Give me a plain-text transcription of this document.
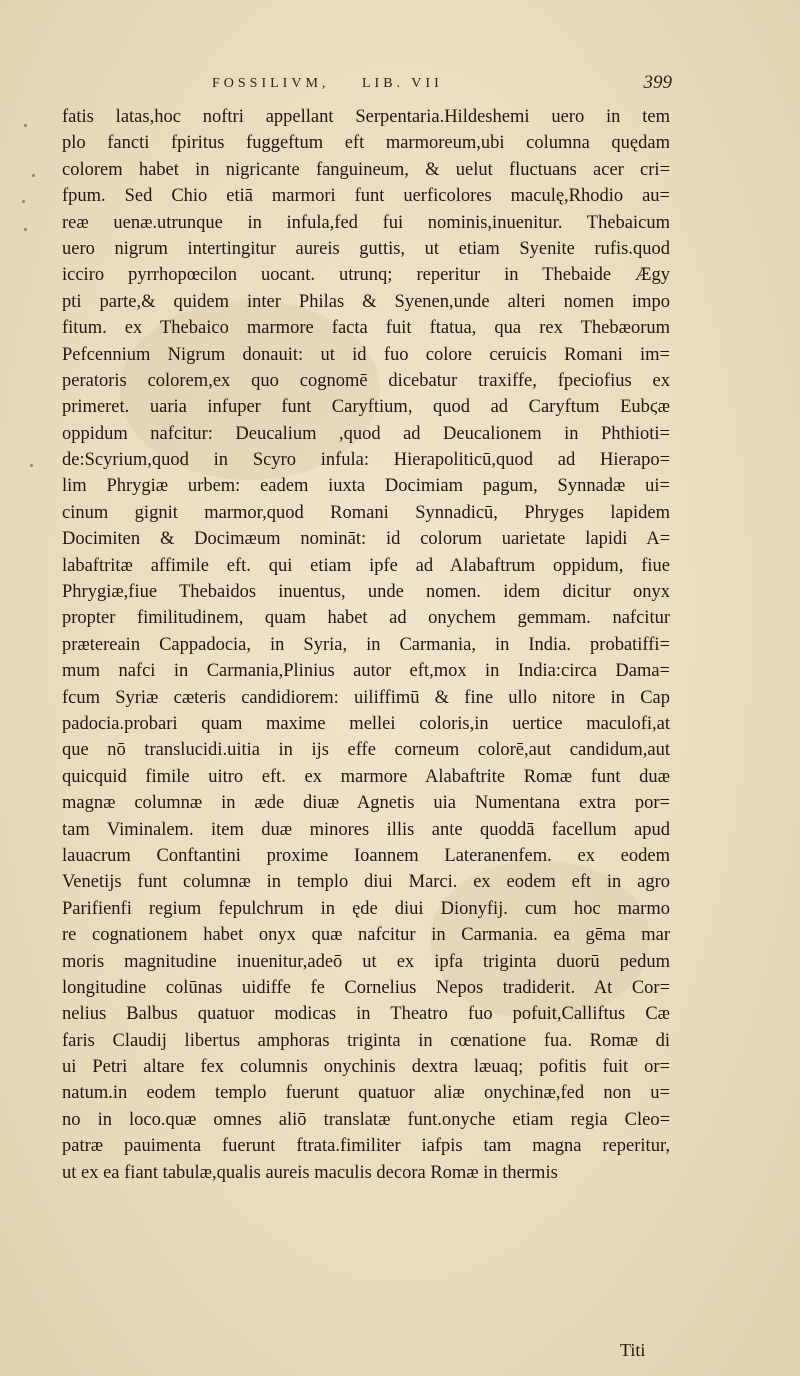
FOSSILIVM, LIB. VII	399
fatis latas,hoc noftri appellant Serpentaria.Hildeshemi uero in tem
plo fancti fpiritus fuggeftum eft marmoreum,ubi columna quędam
colorem habet in nigricante fanguineum, & uelut fluctuans acer cri=
fpum. Sed Chio etiā marmori funt uerficolores maculę,Rhodio au=
reæ uenæ.utrunque in infula,fed fui nominis,inuenitur. Thebaicum
uero nigrum intertingitur aureis guttis, ut etiam Syenite rufis.quod
icciro pyrrhopœcilon uocant. utrunq; reperitur in Thebaide Ægy
pti parte,& quidem inter Philas & Syenen,unde alteri nomen impo
fitum. ex Thebaico marmore facta fuit ftatua, qua rex Thebæorum
Pefcennium Nigrum donauit: ut id fuo colore ceruicis Romani im=
peratoris colorem,ex quo cognomē dicebatur traxiffe, fpeciofius ex
primeret. uaria infuper funt Caryftium, quod ad Caryftum Eubϛæ
oppidum nafcitur: Deucalium ,quod ad Deucalionem in Phthioti=
de:Scyrium,quod in Scyro infula: Hierapoliticū,quod ad Hierapo=
lim Phrygiæ urbem: eadem iuxta Docimiam pagum, Synnadæ ui=
cinum gignit marmor,quod Romani Synnadicū, Phryges lapidem
Docimiten & Docimæum nomināt: id colorum uarietate lapidi A=
labaftritæ affimile eft. qui etiam ipfe ad Alabaftrum oppidum, fiue
Phrygiæ,fiue Thebaidos inuentus, unde nomen. idem dicitur onyx
propter fimilitudinem, quam habet ad onychem gemmam. nafcitur
prætereain Cappadocia, in Syria, in Carmania, in India. probatiffi=
mum nafci in Carmania,Plinius autor eft,mox in India:circa Dama=
fcum Syriæ cæteris candidiorem: uiliffimū & fine ullo nitore in Cap
padocia.probari quam maxime mellei coloris,in uertice maculofi,at
que nō translucidi.uitia in ijs effe corneum colorē,aut candidum,aut
quicquid fimile uitro eft. ex marmore Alabaftrite Romæ funt duæ
magnæ columnæ in æde diuæ Agnetis uia Numentana extra por=
tam Viminalem. item duæ minores illis ante quoddā facellum apud
lauacrum Conftantini proxime Ioannem Lateranenfem. ex eodem
Venetijs funt columnæ in templo diui Marci. ex eodem eft in agro
Parifienfi regium fepulchrum in ęde diui Dionyfij. cum hoc marmo
re cognationem habet onyx quæ nafcitur in Carmania. ea gēma mar
moris magnitudine inuenitur,adeō ut ex ipfa triginta duorū pedum
longitudine colūnas uidiffe fe Cornelius Nepos tradiderit. At Cor=
nelius Balbus quatuor modicas in Theatro fuo pofuit,Calliftus Cæ
faris Claudij libertus amphoras triginta in cœnatione fua. Romæ di
ui Petri altare fex columnis onychinis dextra læuaq; pofitis fuit or=
natum.in eodem templo fuerunt quatuor aliæ onychinæ,fed non u=
no in loco.quæ omnes aliō translatæ funt.onyche etiam regia Cleo=
patræ pauimenta fuerunt ftrata.fimiliter iafpis tam magna reperitur,
ut ex ea fiant tabulæ,qualis aureis maculis decora Romæ in thermis
Titi
